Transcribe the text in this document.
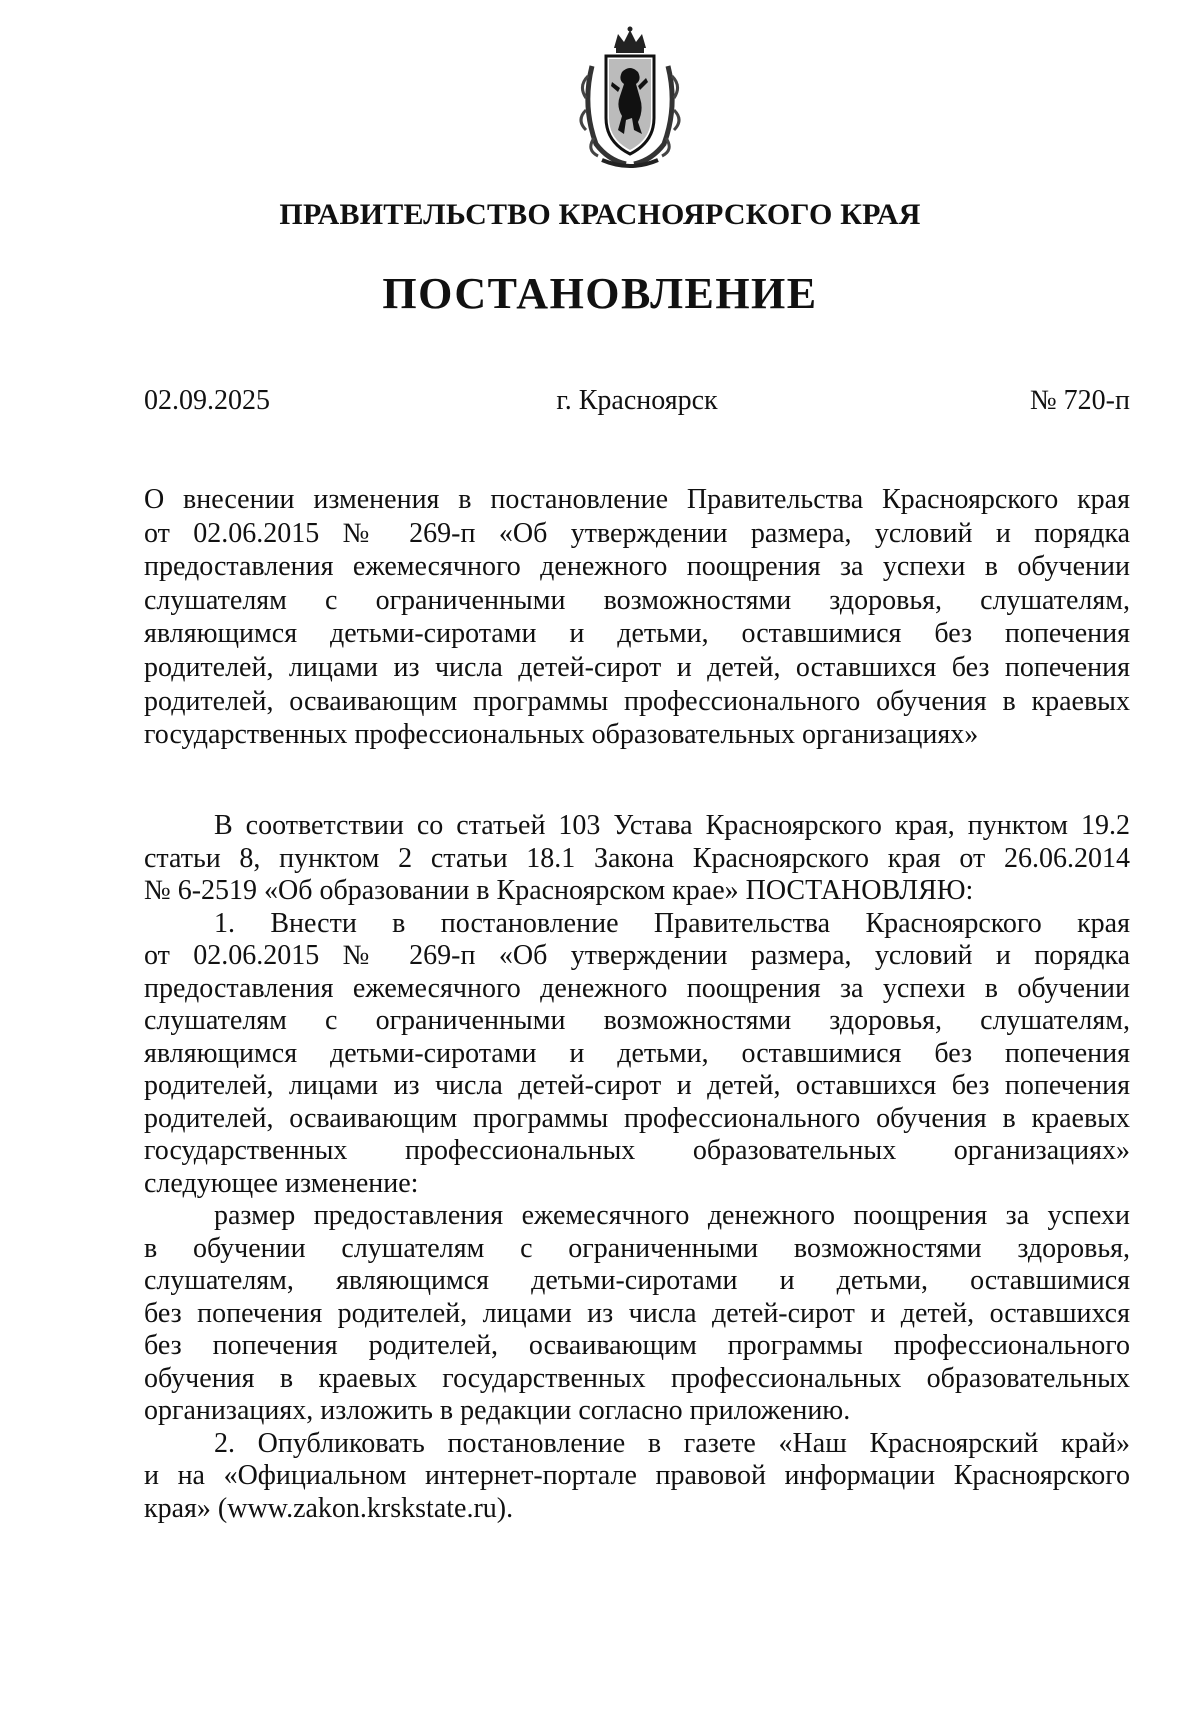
ПРАВИТЕЛЬСТВО КРАСНОЯРСКОГО КРАЯ
ПОСТАНОВЛЕНИЕ
02.09.2025	г. Красноярск	№ 720-п
О внесении изменения в постановление Правительства Красноярского края
от 02.06.2015 № 269-п «Об утверждении размера, условий и порядка
предоставления ежемесячного денежного поощрения за успехи в обучении
слушателям с ограниченными возможностями здоровья, слушателям,
являющимся детьми-сиротами и детьми, оставшимися без попечения
родителей, лицами из числа детей-сирот и детей, оставшихся без попечения
родителей, осваивающим программы профессионального обучения в краевых
государственных профессиональных образовательных организациях»
В соответствии со статьей 103 Устава Красноярского края, пунктом 19.2
статьи 8, пунктом 2 статьи 18.1 Закона Красноярского края от 26.06.2014
№ 6-2519 «Об образовании в Красноярском крае» ПОСТАНОВЛЯЮ:
1. Внести в постановление Правительства Красноярского края
от 02.06.2015 № 269-п «Об утверждении размера, условий и порядка
предоставления ежемесячного денежного поощрения за успехи в обучении
слушателям с ограниченными возможностями здоровья, слушателям,
являющимся детьми-сиротами и детьми, оставшимися без попечения
родителей, лицами из числа детей-сирот и детей, оставшихся без попечения
родителей, осваивающим программы профессионального обучения в краевых
государственных профессиональных образовательных организациях»
следующее изменение:
размер предоставления ежемесячного денежного поощрения за успехи
в обучении слушателям с ограниченными возможностями здоровья,
слушателям, являющимся детьми-сиротами и детьми, оставшимися
без попечения родителей, лицами из числа детей-сирот и детей, оставшихся
без попечения родителей, осваивающим программы профессионального
обучения в краевых государственных профессиональных образовательных
организациях, изложить в редакции согласно приложению.
2. Опубликовать постановление в газете «Наш Красноярский край»
и на «Официальном интернет-портале правовой информации Красноярского
края» (www.zakon.krskstate.ru).
